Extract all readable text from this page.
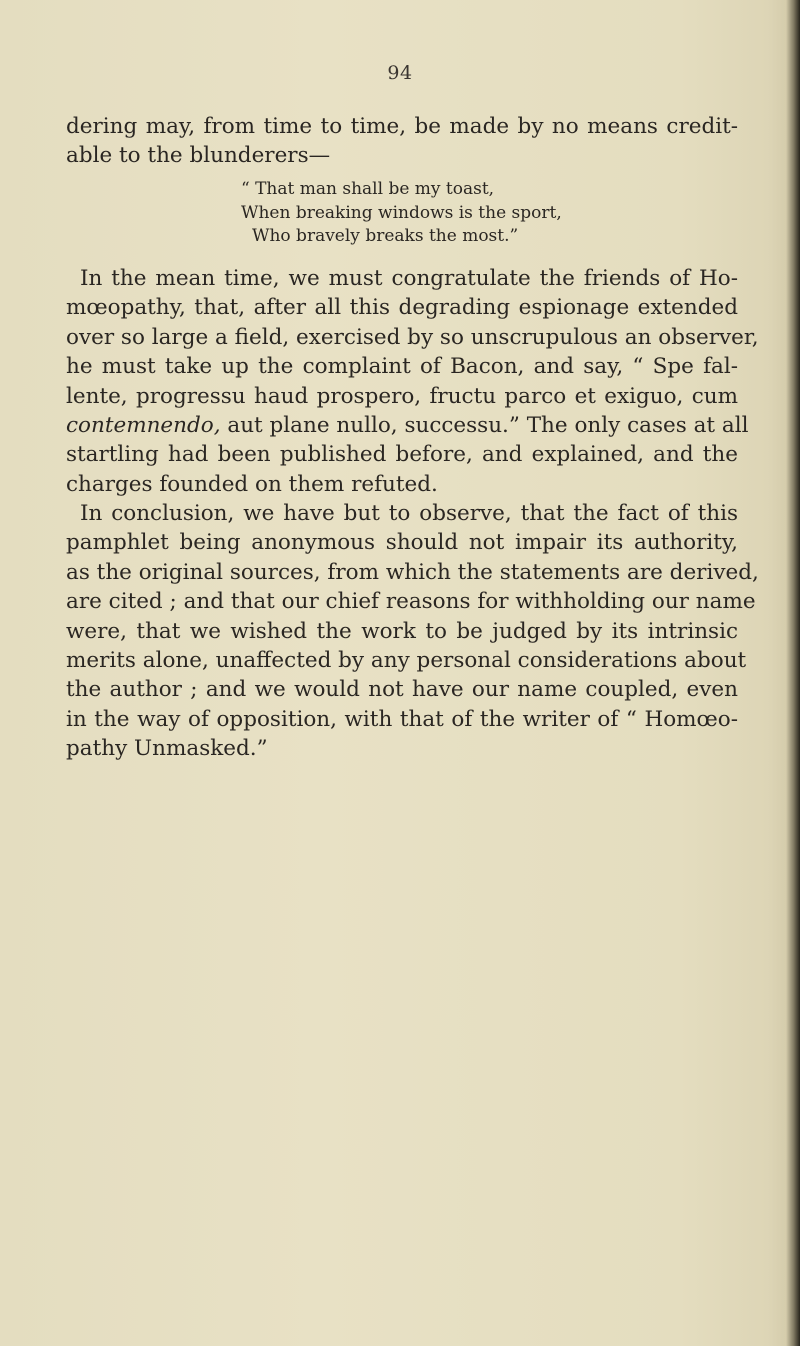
94
dering may, from time to time, be made by no means credit-
able to the blunderers—
“ That man shall be my toast,
When breaking windows is the sport,
Who bravely breaks the most.”
In the mean time, we must congratulate the friends of Ho-
mœopathy, that, after all this degrading espionage extended
over so large a field, exercised by so unscrupulous an observer,
he must take up the complaint of Bacon, and say, “ Spe fal-
lente, progressu haud prospero, fructu parco et exiguo, cum
contemnendo, aut plane nullo, successu.” The only cases at all
startling had been published before, and explained, and the
charges founded on them refuted.
In conclusion, we have but to observe, that the fact of this
pamphlet being anonymous should not impair its authority,
as the original sources, from which the statements are derived,
are cited ; and that our chief reasons for withholding our name
were, that we wished the work to be judged by its intrinsic
merits alone, unaffected by any personal considerations about
the author ; and we would not have our name coupled, even
in the way of opposition, with that of the writer of “ Homœo-
pathy Unmasked.”
